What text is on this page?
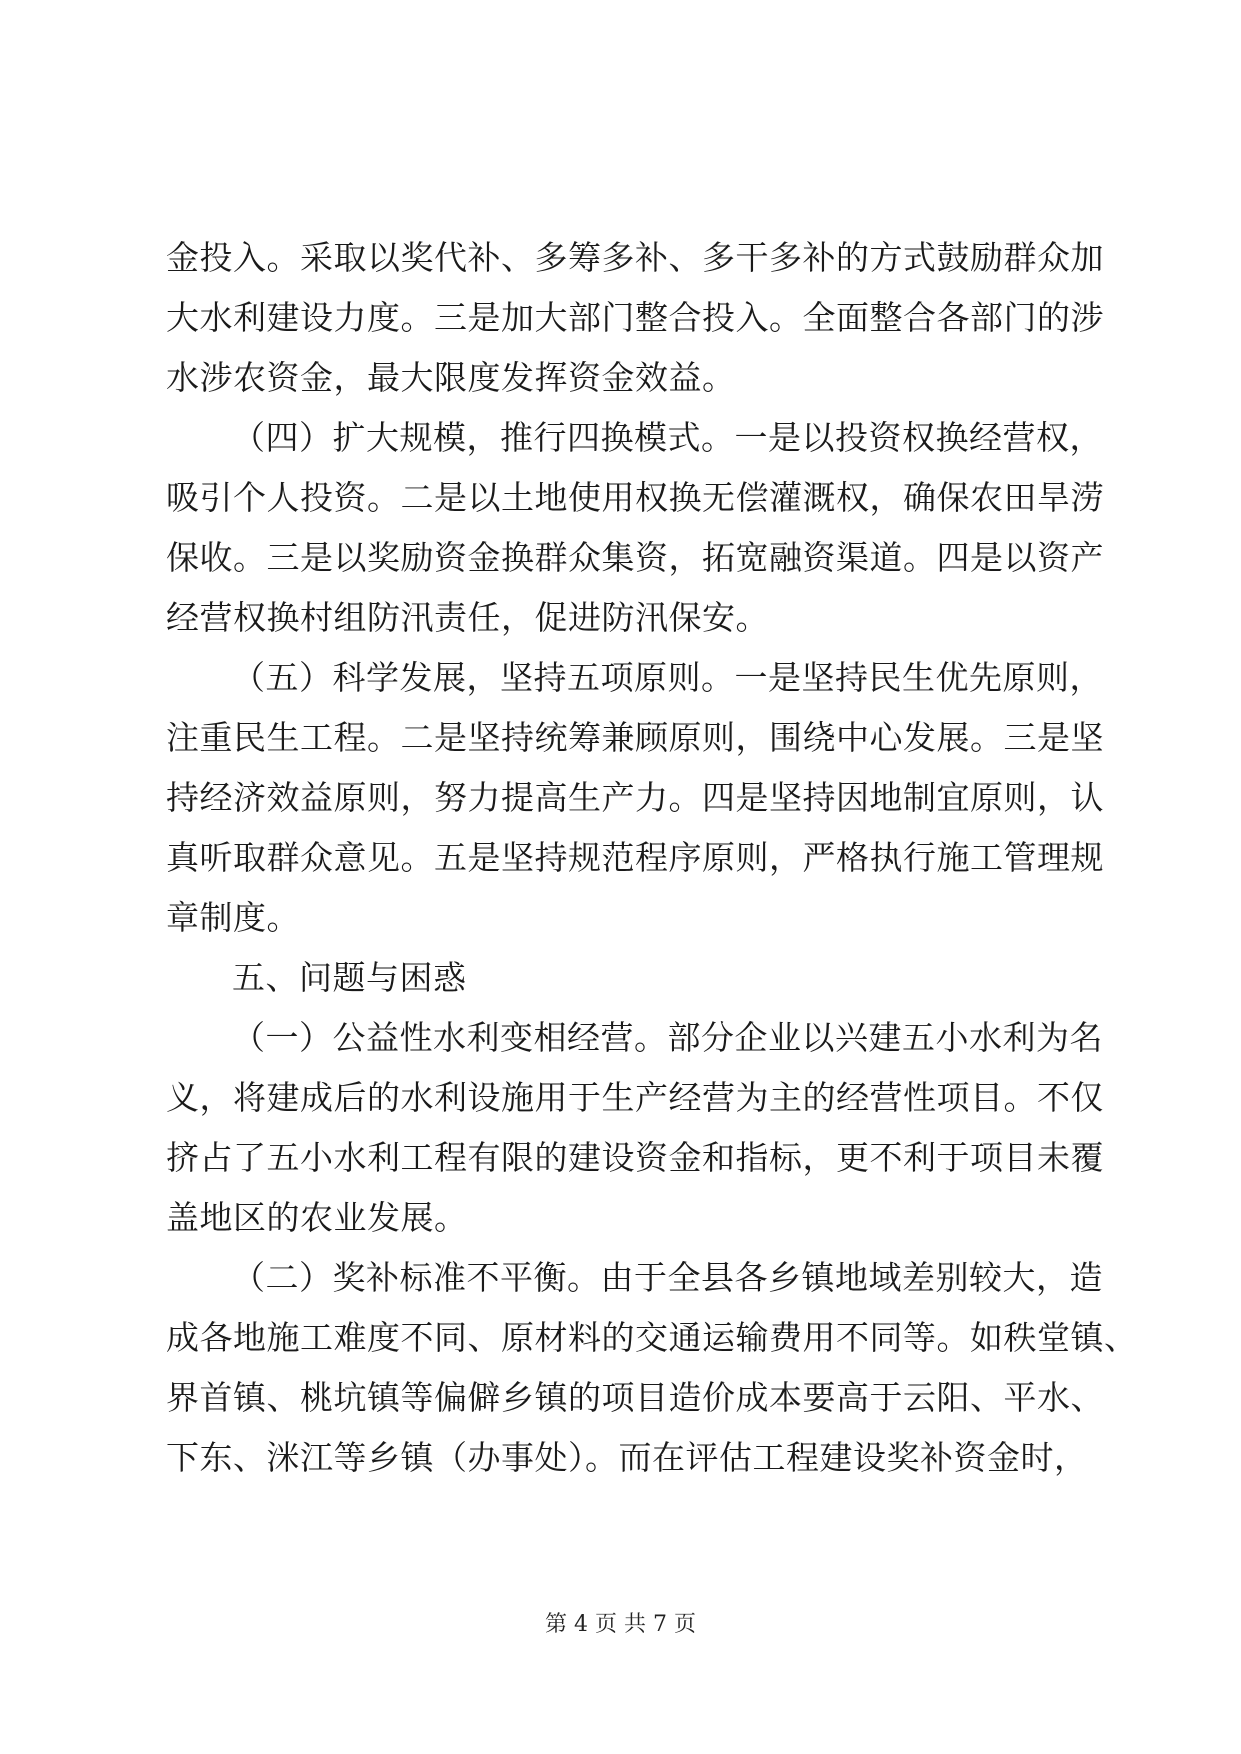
金投入。采取以奖代补、多筹多补、多干多补的方式鼓励群众加
大水利建设力度。三是加大部门整合投入。全面整合各部门的涉
水涉农资金，最大限度发挥资金效益。
（四）扩大规模，推行四换模式。一是以投资权换经营权，
吸引个人投资。二是以土地使用权换无偿灌溉权，确保农田旱涝
保收。三是以奖励资金换群众集资，拓宽融资渠道。四是以资产
经营权换村组防汛责任，促进防汛保安。
（五）科学发展，坚持五项原则。一是坚持民生优先原则，
注重民生工程。二是坚持统筹兼顾原则，围绕中心发展。三是坚
持经济效益原则，努力提高生产力。四是坚持因地制宜原则，认
真听取群众意见。五是坚持规范程序原则，严格执行施工管理规
章制度。
五、问题与困惑
（一）公益性水利变相经营。部分企业以兴建五小水利为名
义，将建成后的水利设施用于生产经营为主的经营性项目。不仅
挤占了五小水利工程有限的建设资金和指标，更不利于项目未覆
盖地区的农业发展。
（二）奖补标准不平衡。由于全县各乡镇地域差别较大，造
成各地施工难度不同、原材料的交通运输费用不同等。如秩堂镇、
界首镇、桃坑镇等偏僻乡镇的项目造价成本要高于云阳、平水、
下东、洣江等乡镇（办事处）。而在评估工程建设奖补资金时，
第 4 页 共 7 页
